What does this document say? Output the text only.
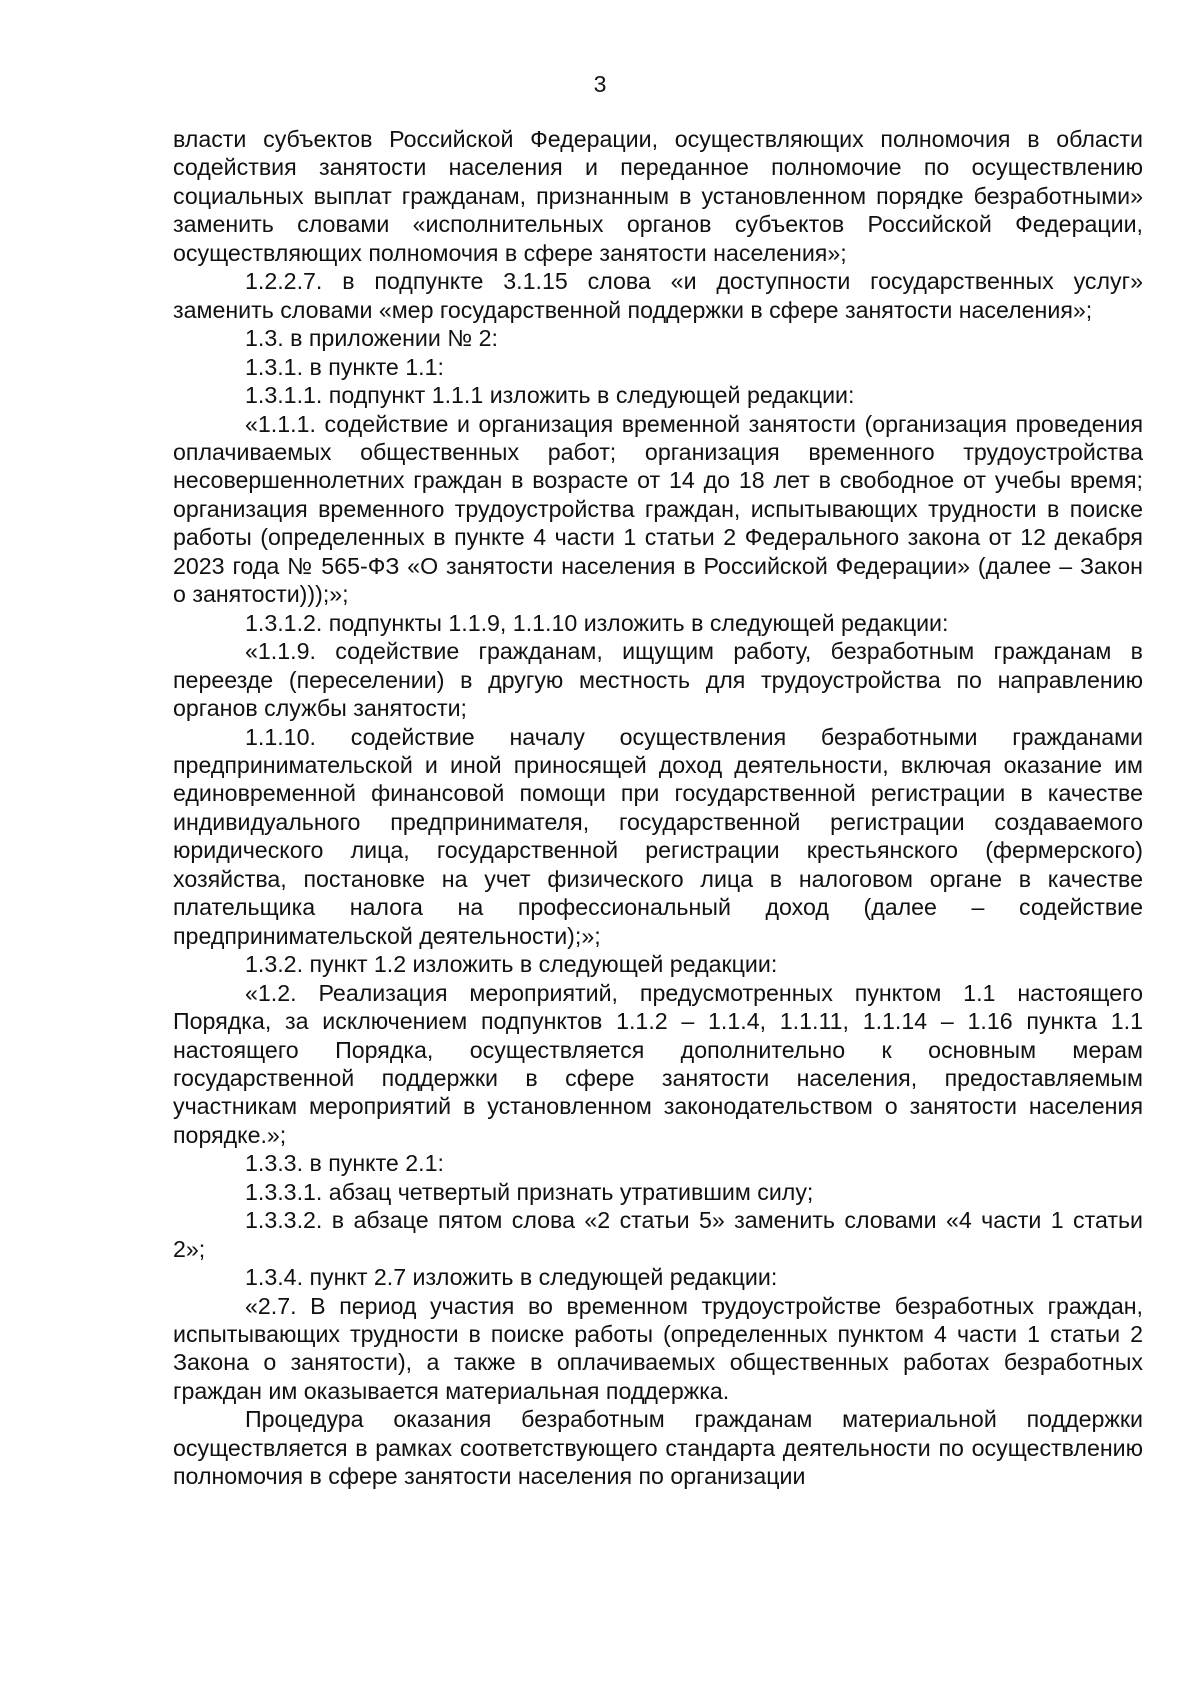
3

власти субъектов Российской Федерации, осуществляющих полномочия в области содействия занятости населения и переданное полномочие по осуществлению социальных выплат гражданам, признанным в установленном порядке безработными» заменить словами «исполнительных органов субъектов Российской Федерации, осуществляющих полномочия в сфере занятости населения»;

1.2.2.7. в подпункте 3.1.15 слова «и доступности государственных услуг» заменить словами «мер государственной поддержки в сфере занятости населения»;

1.3. в приложении № 2:

1.3.1. в пункте 1.1:

1.3.1.1. подпункт 1.1.1 изложить в следующей редакции:

«1.1.1. содействие и организация временной занятости (организация проведения оплачиваемых общественных работ; организация временного трудоустройства несовершеннолетних граждан в возрасте от 14 до 18 лет в свободное от учебы время; организация временного трудоустройства граждан, испытывающих трудности в поиске работы (определенных в пункте 4 части 1 статьи 2 Федерального закона от 12 декабря 2023 года № 565-ФЗ «О занятости населения в Российской Федерации» (далее – Закон о занятости)));»;

1.3.1.2. подпункты 1.1.9, 1.1.10 изложить в следующей редакции:

«1.1.9. содействие гражданам, ищущим работу, безработным гражданам в переезде (переселении) в другую местность для трудоустройства по направлению органов службы занятости;

1.1.10. содействие началу осуществления безработными гражданами предпринимательской и иной приносящей доход деятельности, включая оказание им единовременной финансовой помощи при государственной регистрации в качестве индивидуального предпринимателя, государственной регистрации создаваемого юридического лица, государственной регистрации крестьянского (фермерского) хозяйства, постановке на учет физического лица в налоговом органе в качестве плательщика налога на профессиональный доход (далее – содействие предпринимательской деятельности);»;

1.3.2. пункт 1.2 изложить в следующей редакции:

«1.2. Реализация мероприятий, предусмотренных пунктом 1.1 настоящего Порядка, за исключением подпунктов 1.1.2 – 1.1.4, 1.1.11, 1.1.14 – 1.16 пункта 1.1 настоящего Порядка, осуществляется дополнительно к основным мерам государственной поддержки в сфере занятости населения, предоставляемым участникам мероприятий в установленном законодательством о занятости населения порядке.»;

1.3.3. в пункте 2.1:

1.3.3.1. абзац четвертый признать утратившим силу;

1.3.3.2. в абзаце пятом слова «2 статьи 5» заменить словами «4 части 1 статьи 2»;

1.3.4. пункт 2.7 изложить в следующей редакции:

«2.7. В период участия во временном трудоустройстве безработных граждан, испытывающих трудности в поиске работы (определенных пунктом 4 части 1 статьи 2 Закона о занятости), а также в оплачиваемых общественных работах безработных граждан им оказывается материальная поддержка.

Процедура оказания безработным гражданам материальной поддержки осуществляется в рамках соответствующего стандарта деятельности по осуществлению полномочия в сфере занятости населения по организации
